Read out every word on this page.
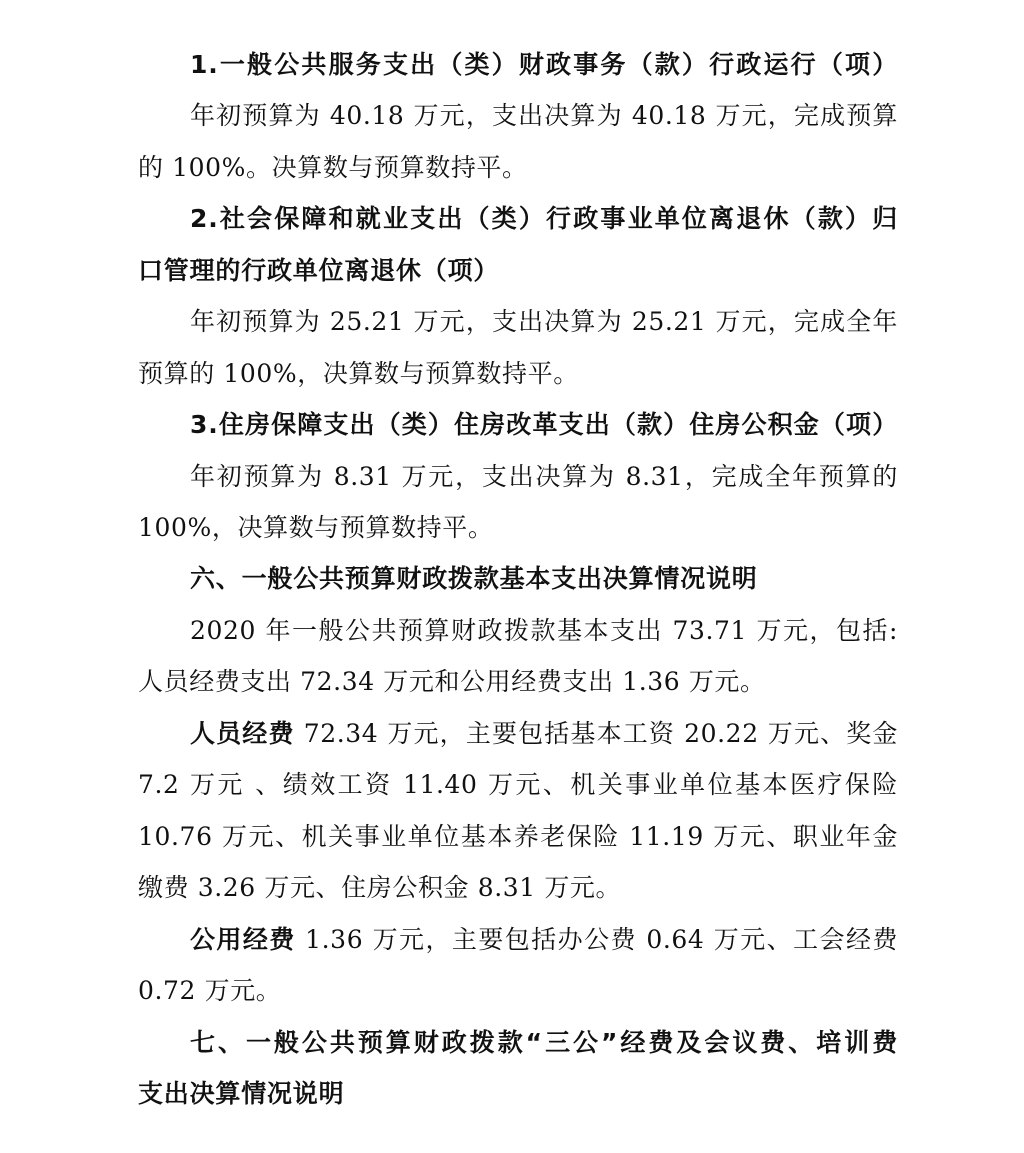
1.一般公共服务支出（类）财政事务（款）行政运行（项）
年初预算为 40.18 万元，支出决算为 40.18 万元，完成预算
的 100%。决算数与预算数持平。
2.社会保障和就业支出（类）行政事业单位离退休（款）归
口管理的行政单位离退休（项）
年初预算为 25.21 万元，支出决算为 25.21 万元，完成全年
预算的 100%，决算数与预算数持平。
3.住房保障支出（类）住房改革支出（款）住房公积金（项）
年初预算为 8.31 万元，支出决算为 8.31，完成全年预算的
100%，决算数与预算数持平。
六、一般公共预算财政拨款基本支出决算情况说明
2020 年一般公共预算财政拨款基本支出 73.71 万元，包括:
人员经费支出 72.34 万元和公用经费支出 1.36 万元。
人员经费 72.34 万元，主要包括基本工资 20.22 万元、奖金
7.2 万元 、绩效工资 11.40 万元、机关事业单位基本医疗保险
10.76 万元、机关事业单位基本养老保险 11.19 万元、职业年金
缴费 3.26 万元、住房公积金 8.31 万元。
公用经费 1.36 万元，主要包括办公费 0.64 万元、工会经费
0.72 万元。
七、一般公共预算财政拨款“三公”经费及会议费、培训费
支出决算情况说明
